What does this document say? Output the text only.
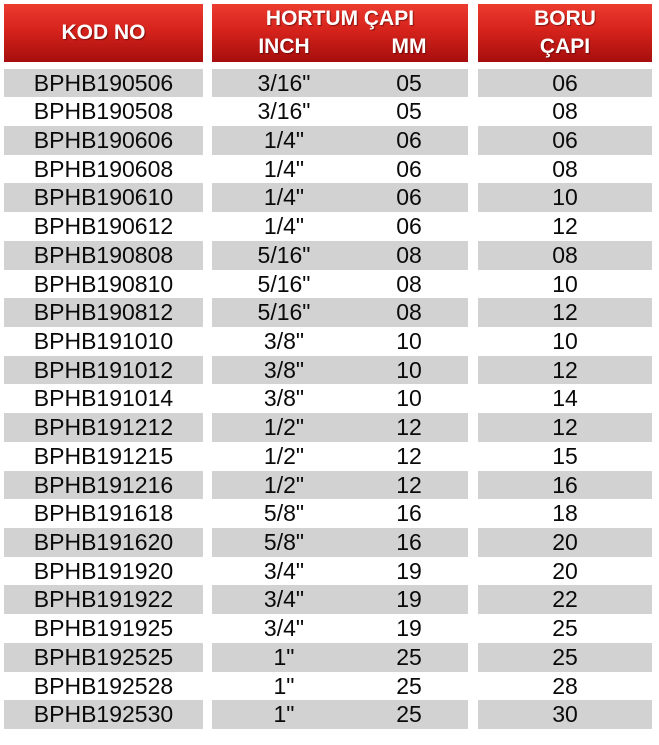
KOD NO
HORTUM ÇAPI
INCH	MM
BORU
ÇAPI
BPHB190506	3/16"	05	06
BPHB190508	3/16"	05	08
BPHB190606	1/4"	06	06
BPHB190608	1/4"	06	08
BPHB190610	1/4"	06	10
BPHB190612	1/4"	06	12
BPHB190808	5/16"	08	08
BPHB190810	5/16"	08	10
BPHB190812	5/16"	08	12
BPHB191010	3/8"	10	10
BPHB191012	3/8"	10	12
BPHB191014	3/8"	10	14
BPHB191212	1/2"	12	12
BPHB191215	1/2"	12	15
BPHB191216	1/2"	12	16
BPHB191618	5/8"	16	18
BPHB191620	5/8"	16	20
BPHB191920	3/4"	19	20
BPHB191922	3/4"	19	22
BPHB191925	3/4"	19	25
BPHB192525	1"	25	25
BPHB192528	1"	25	28
BPHB192530	1"	25	30
